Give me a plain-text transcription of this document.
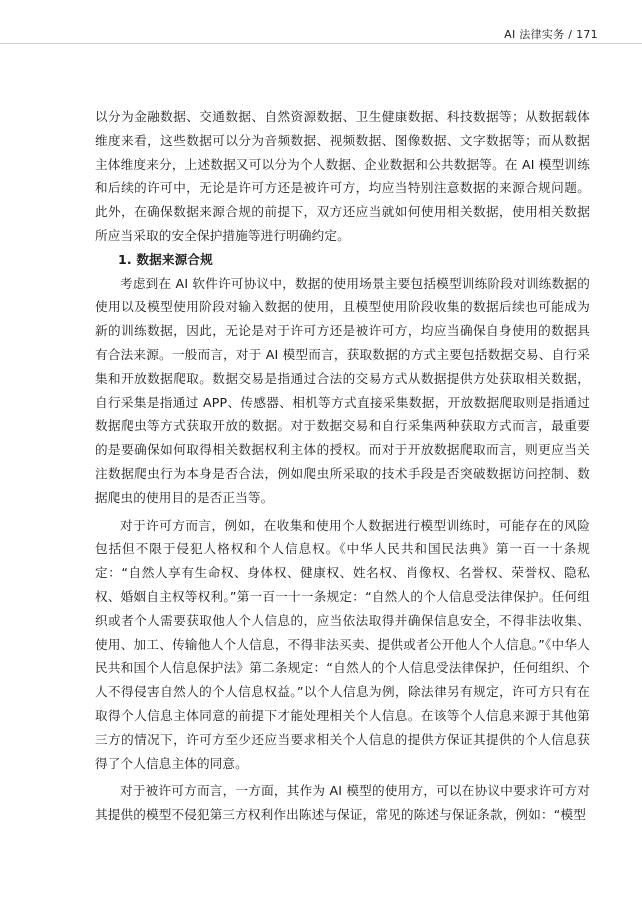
AI 法律实务 / 171

以分为金融数据、交通数据、自然资源数据、卫生健康数据、科技数据等；从数据载体维度来看，这些数据可以分为音频数据、视频数据、图像数据、文字数据等；而从数据主体维度来分，上述数据又可以分为个人数据、企业数据和公共数据等。在 AI 模型训练和后续的许可中，无论是许可方还是被许可方，均应当特别注意数据的来源合规问题。此外，在确保数据来源合规的前提下，双方还应当就如何使用相关数据，使用相关数据所应当采取的安全保护措施等进行明确约定。

1. 数据来源合规

考虑到在 AI 软件许可协议中，数据的使用场景主要包括模型训练阶段对训练数据的使用以及模型使用阶段对输入数据的使用，且模型使用阶段收集的数据后续也可能成为新的训练数据，因此，无论是对于许可方还是被许可方，均应当确保自身使用的数据具有合法来源。一般而言，对于 AI 模型而言，获取数据的方式主要包括数据交易、自行采集和开放数据爬取。数据交易是指通过合法的交易方式从数据提供方处获取相关数据，自行采集是指通过 APP、传感器、相机等方式直接采集数据，开放数据爬取则是指通过数据爬虫等方式获取开放的数据。对于数据交易和自行采集两种获取方式而言，最重要的是要确保如何取得相关数据权利主体的授权。而对于开放数据爬取而言，则更应当关注数据爬虫行为本身是否合法，例如爬虫所采取的技术手段是否突破数据访问控制、数据爬虫的使用目的是否正当等。

对于许可方而言，例如，在收集和使用个人数据进行模型训练时，可能存在的风险包括但不限于侵犯人格权和个人信息权。《中华人民共和国民法典》第一百一十条规定：“自然人享有生命权、身体权、健康权、姓名权、肖像权、名誉权、荣誉权、隐私权、婚姻自主权等权利。”第一百一十一条规定：“自然人的个人信息受法律保护。任何组织或者个人需要获取他人个人信息的，应当依法取得并确保信息安全，不得非法收集、使用、加工、传输他人个人信息，不得非法买卖、提供或者公开他人个人信息。”《中华人民共和国个人信息保护法》第二条规定：“自然人的个人信息受法律保护，任何组织、个人不得侵害自然人的个人信息权益。”以个人信息为例，除法律另有规定，许可方只有在取得个人信息主体同意的前提下才能处理相关个人信息。在该等个人信息来源于其他第三方的情况下，许可方至少还应当要求相关个人信息的提供方保证其提供的个人信息获得了个人信息主体的同意。

对于被许可方而言，一方面，其作为 AI 模型的使用方，可以在协议中要求许可方对其提供的模型不侵犯第三方权利作出陈述与保证，常见的陈述与保证条款，例如：“模型
